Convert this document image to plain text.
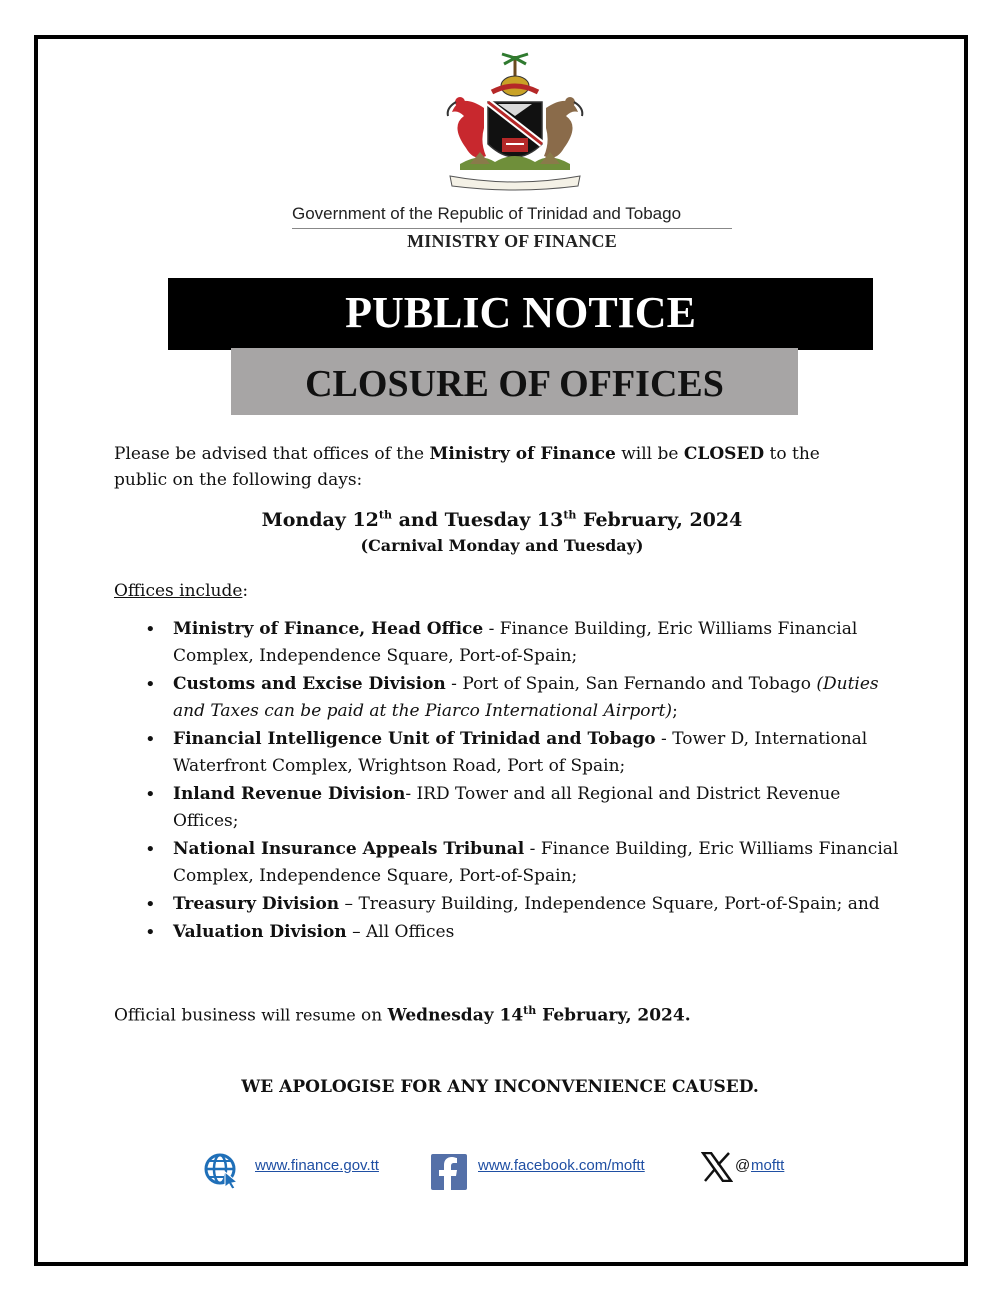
Government of the Republic of Trinidad and Tobago
MINISTRY OF FINANCE
PUBLIC NOTICE
CLOSURE OF OFFICES
Please be advised that offices of the Ministry of Finance will be CLOSED to the public on the following days:
Monday 12th and Tuesday 13th February, 2024
(Carnival Monday and Tuesday)
Offices include:
• Ministry of Finance, Head Office - Finance Building, Eric Williams Financial Complex, Independence Square, Port-of-Spain;
• Customs and Excise Division - Port of Spain, San Fernando and Tobago (Duties and Taxes can be paid at the Piarco International Airport);
• Financial Intelligence Unit of Trinidad and Tobago - Tower D, International Waterfront Complex, Wrightson Road, Port of Spain;
• Inland Revenue Division- IRD Tower and all Regional and District Revenue Offices;
• National Insurance Appeals Tribunal - Finance Building, Eric Williams Financial Complex, Independence Square, Port-of-Spain;
• Treasury Division – Treasury Building, Independence Square, Port-of-Spain; and
• Valuation Division – All Offices
Official business will resume on Wednesday 14th February, 2024.
WE APOLOGISE FOR ANY INCONVENIENCE CAUSED.
www.finance.gov.tt	www.facebook.com/moftt	@ moftt
